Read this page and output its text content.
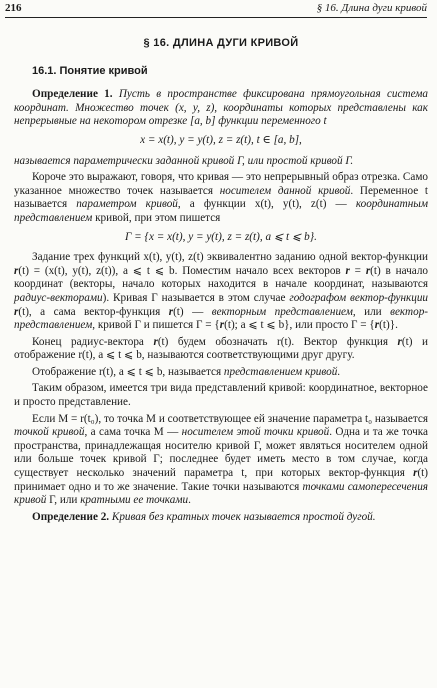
216	§ 16. Длина дуги кривой
§ 16. ДЛИНА ДУГИ КРИВОЙ
16.1. Понятие кривой

Определение 1. Пусть в пространстве фиксирована прямоугольная система координат. Множество точек (x, y, z), координаты которых представлены как непрерывные на некотором отрезке [a, b] функции переменного t

x = x(t), y = y(t), z = z(t), t ∈ [a, b],

называется параметрически заданной кривой Γ, или простой кривой Γ.

Короче это выражают, говоря, что кривая — это непрерывный образ отрезка. Само указанное множество точек называется носителем данной кривой. Переменное t называется параметром кривой, а функции x(t), y(t), z(t) — координатным представлением кривой, при этом пишется

Γ = {x = x(t), y = y(t), z = z(t), a ⩽ t ⩽ b}.

Задание трех функций x(t), y(t), z(t) эквивалентно заданию одной вектор-функции r(t) = (x(t), y(t), z(t)), a ⩽ t ⩽ b. Поместим начало всех векторов r = r(t) в начало координат (векторы, начало которых находится в начале координат, называются радиус-векторами). Кривая Γ называется в этом случае годографом вектор-функции r(t), а сама вектор-функция r(t) — векторным представлением, или вектор-представлением, кривой Γ и пишется Γ = {r(t); a ⩽ t ⩽ b}, или просто Γ = {r(t)}.

Конец радиус-вектора r(t) будем обозначать r(t). Вектор функция r(t) и отображение r(t), a ⩽ t ⩽ b, называются соответствующими друг другу.

Отображение r(t), a ⩽ t ⩽ b, называется представлением кривой.

Таким образом, имеется три вида представлений кривой: координатное, векторное и просто представление.

Если M = r(t₀), то точка M и соответствующее ей значение параметра t₀ называется точкой кривой, а сама точка M — носителем этой точки кривой. Одна и та же точка пространства, принадлежащая носителю кривой Γ, может являться носителем одной или больше точек кривой Γ; последнее будет иметь место в том случае, когда существует несколько значений параметра t, при которых вектор-функция r(t) принимает одно и то же значение. Такие точки называются точками самопересечения кривой Γ, или кратными ее точками.

Определение 2. Кривая без кратных точек называется простой дугой.
